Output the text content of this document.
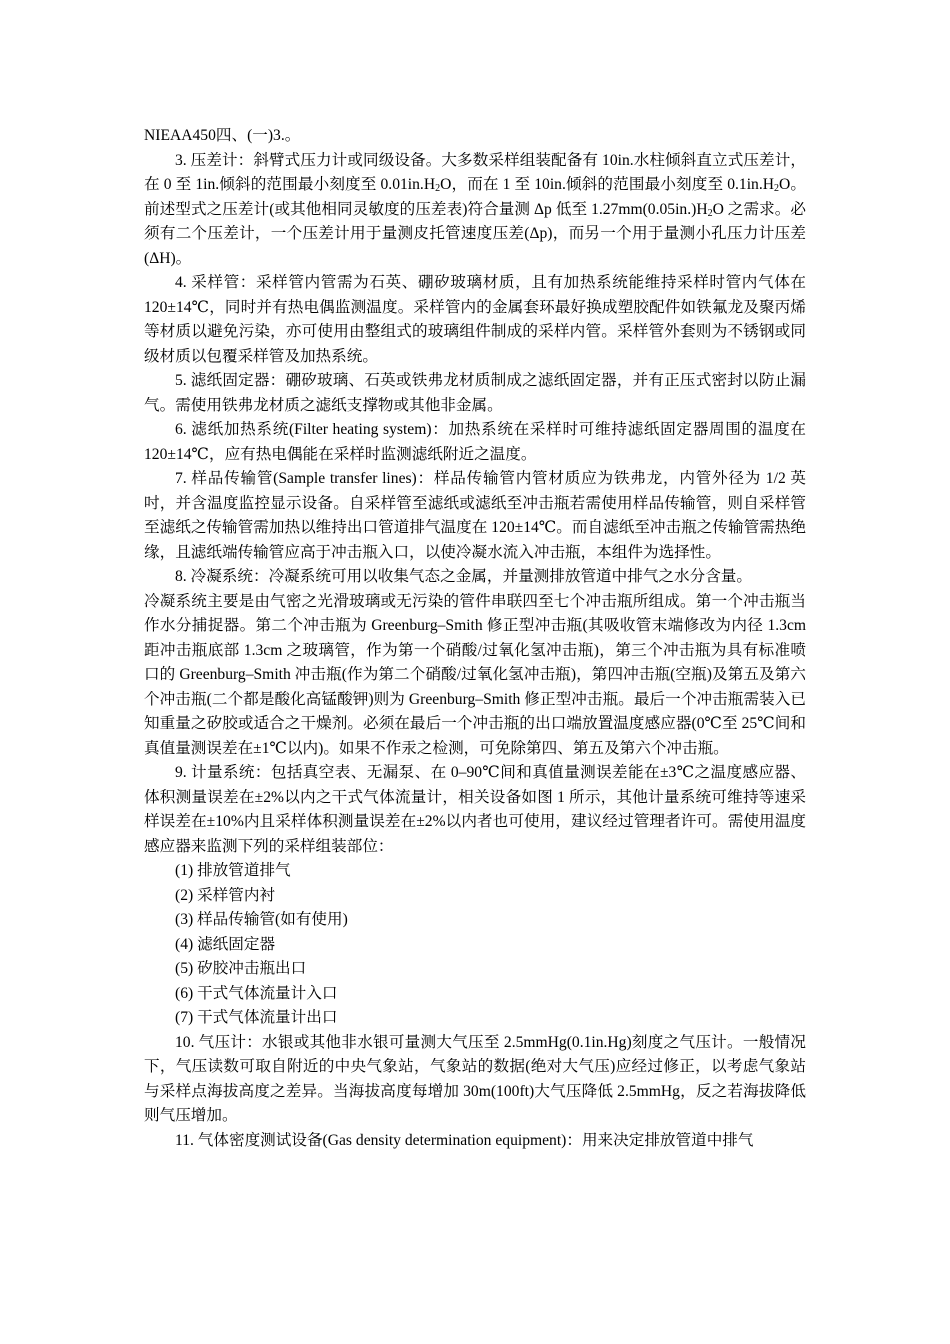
NIEAA450四、(一)3.。

3. 压差计：斜臂式压力计或同级设备。大多数采样组装配备有 10in.水柱倾斜直立式压差计，在 0 至 1in.倾斜的范围最小刻度至 $0.01in.H_2O$，而在 1 至 10in.倾斜的范围最小刻度至 $0.1in.H_2O$。前述型式之压差计(或其他相同灵敏度的压差表)符合量测 Δp 低至 $1.27mm(0.05in.)H_2O$ 之需求。必须有二个压差计，一个压差计用于量测皮托管速度压差(Δp)，而另一个用于量测小孔压力计压差(ΔH)。

4. 采样管：采样管内管需为石英、硼矽玻璃材质，且有加热系统能维持采样时管内气体在 120±14℃，同时并有热电偶监测温度。采样管内的金属套环最好换成塑胶配件如铁氟龙及聚丙烯等材质以避免污染，亦可使用由整组式的玻璃组件制成的采样内管。采样管外套则为不锈钢或同级材质以包覆采样管及加热系统。

5. 滤纸固定器：硼矽玻璃、石英或铁弗龙材质制成之滤纸固定器，并有正压式密封以防止漏气。需使用铁弗龙材质之滤纸支撑物或其他非金属。

6. 滤纸加热系统(Filter heating system)：加热系统在采样时可维持滤纸固定器周围的温度在 120±14℃，应有热电偶能在采样时监测滤纸附近之温度。

7. 样品传输管(Sample transfer lines)：样品传输管内管材质应为铁弗龙，内管外径为 1/2 英吋，并含温度监控显示设备。自采样管至滤纸或滤纸至冲击瓶若需使用样品传输管，则自采样管至滤纸之传输管需加热以维持出口管道排气温度在 120±14℃。而自滤纸至冲击瓶之传输管需热绝缘，且滤纸端传输管应高于冲击瓶入口，以使冷凝水流入冲击瓶，本组件为选择性。

8. 冷凝系统：冷凝系统可用以收集气态之金属，并量测排放管道中排气之水分含量。

冷凝系统主要是由气密之光滑玻璃或无污染的管件串联四至七个冲击瓶所组成。第一个冲击瓶当作水分捕捉器。第二个冲击瓶为 Greenburg–Smith 修正型冲击瓶(其吸收管末端修改为内径 1.3cm 距冲击瓶底部 1.3cm 之玻璃管，作为第一个硝酸/过氧化氢冲击瓶)，第三个冲击瓶为具有标准喷口的 Greenburg–Smith 冲击瓶(作为第二个硝酸/过氧化氢冲击瓶)，第四冲击瓶(空瓶)及第五及第六个冲击瓶(二个都是酸化高锰酸钾)则为 Greenburg–Smith 修正型冲击瓶。最后一个冲击瓶需装入已知重量之矽胶或适合之干燥剂。必须在最后一个冲击瓶的出口端放置温度感应器(0℃至 25℃间和真值量测误差在±1℃以内)。如果不作汞之检测，可免除第四、第五及第六个冲击瓶。

9. 计量系统：包括真空表、无漏泵、在 0–90℃间和真值量测误差能在±3℃之温度感应器、体积测量误差在±2%以内之干式气体流量计，相关设备如图 1 所示，其他计量系统可维持等速采样误差在±10%内且采样体积测量误差在±2%以内者也可使用，建议经过管理者许可。需使用温度感应器来监测下列的采样组装部位：

(1) 排放管道排气

(2) 采样管内衬

(3) 样品传输管(如有使用)

(4) 滤纸固定器

(5) 矽胶冲击瓶出口

(6) 干式气体流量计入口

(7) 干式气体流量计出口

10. 气压计：水银或其他非水银可量测大气压至 2.5mmHg(0.1in.Hg)刻度之气压计。一般情况下，气压读数可取自附近的中央气象站，气象站的数据(绝对大气压)应经过修正，以考虑气象站与采样点海拔高度之差异。当海拔高度每增加 30m(100ft)大气压降低 2.5mmHg，反之若海拔降低则气压增加。

11. 气体密度测试设备(Gas density determination equipment)：用来决定排放管道中排气
